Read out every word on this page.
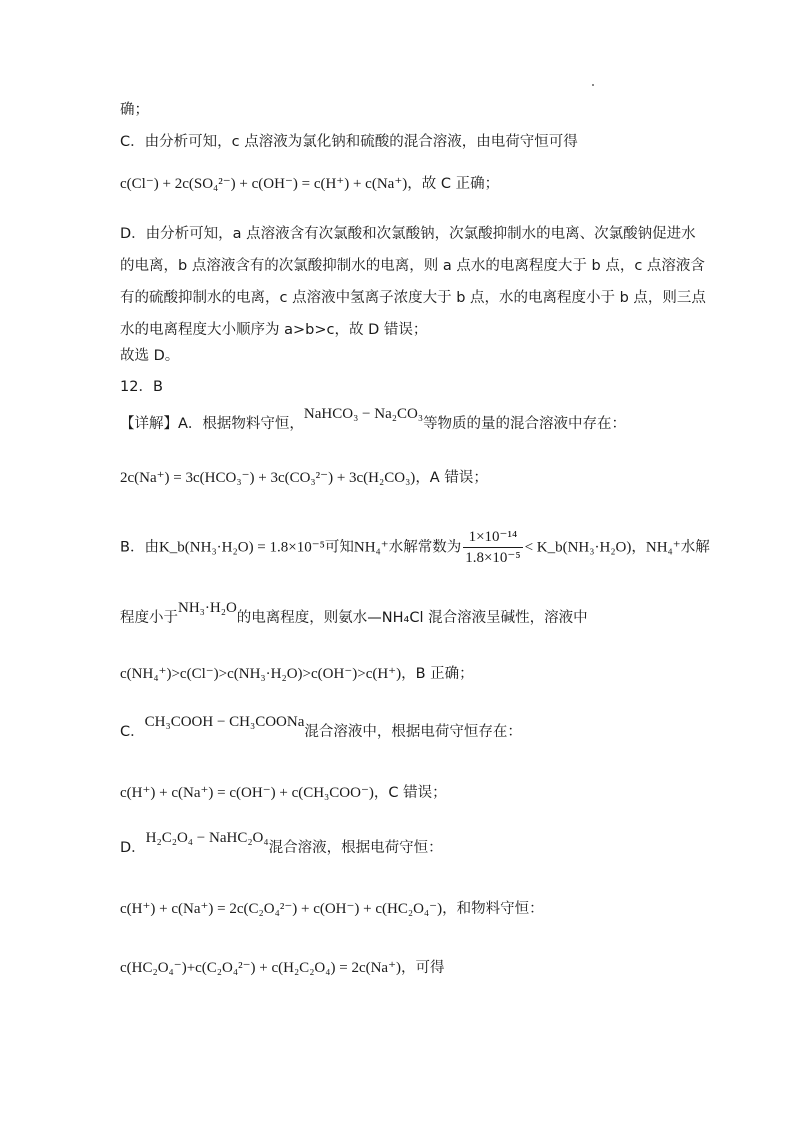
确；
C．由分析可知，c 点溶液为氯化钠和硫酸的混合溶液，由电荷守恒可得
c(Cl⁻) + 2c(SO₄²⁻) + c(OH⁻) = c(H⁺) + c(Na⁺)，故 C 正确；
D．由分析可知，a 点溶液含有次氯酸和次氯酸钠，次氯酸抑制水的电离、次氯酸钠促进水
的电离，b 点溶液含有的次氯酸抑制水的电离，则 a 点水的电离程度大于 b 点，c 点溶液含
有的硫酸抑制水的电离，c 点溶液中氢离子浓度大于 b 点，水的电离程度小于 b 点，则三点
水的电离程度大小顺序为 a>b>c，故 D 错误；
故选 D。
12．B
【详解】A．根据物料守恒，NaHCO₃ − Na₂CO₃等物质的量的混合溶液中存在：
2c(Na⁺) = 3c(HCO₃⁻) + 3c(CO₃²⁻) + 3c(H₂CO₃)，A 错误；
B．由K_b(NH₃·H₂O) = 1.8×10⁻⁵可知NH₄⁺水解常数为 $\frac{\text{1×10⁻¹⁴}}{\text{1.8×10⁻⁵}}$ < K_b(NH₃·H₂O)，NH₄⁺水解
程度小于NH₃·H₂O的电离程度，则氨水—NH₄Cl 混合溶液呈碱性，溶液中
c(NH₄⁺)>c(Cl⁻)>c(NH₃·H₂O)>c(OH⁻)>c(H⁺)，B 正确；
C．CH₃COOH − CH₃COONa混合溶液中，根据电荷守恒存在：
c(H⁺) + c(Na⁺) = c(OH⁻) + c(CH₃COO⁻)，C 错误；
D．H₂C₂O₄ − NaHC₂O₄混合溶液，根据电荷守恒：
c(H⁺) + c(Na⁺) = 2c(C₂O₄²⁻) + c(OH⁻) + c(HC₂O₄⁻)，和物料守恒：
c(HC₂O₄⁻)+c(C₂O₄²⁻) + c(H₂C₂O₄) = 2c(Na⁺)，可得
